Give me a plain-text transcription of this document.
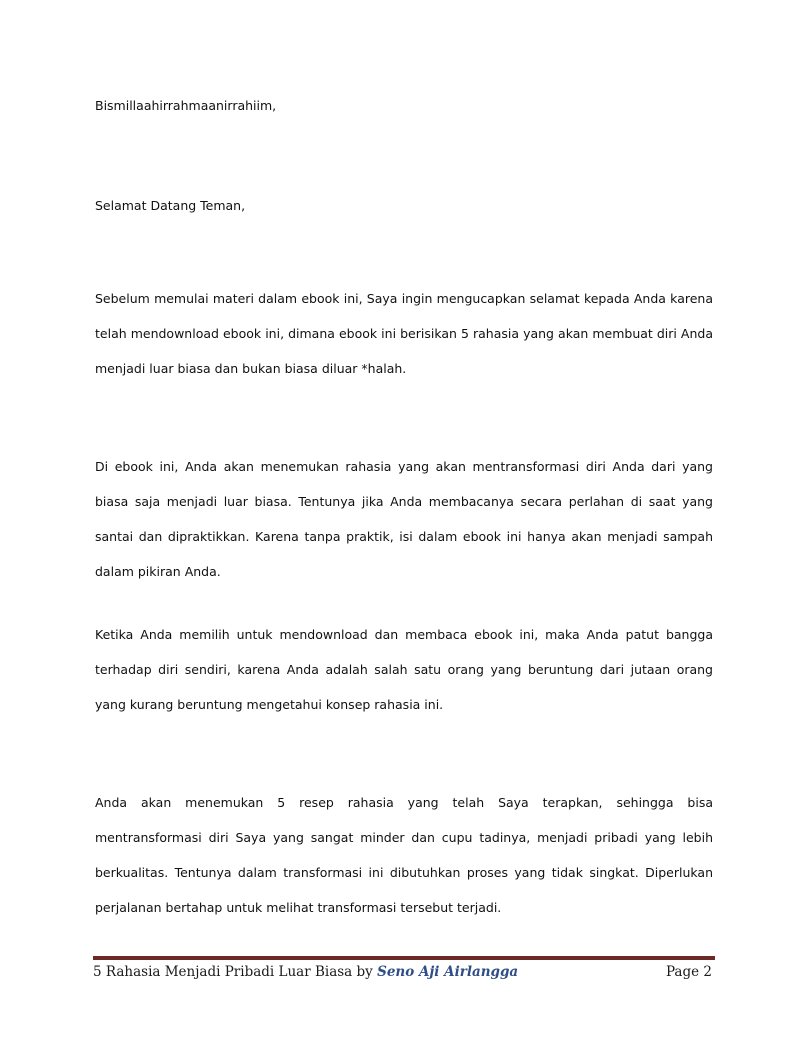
Bismillaahirrahmaanirrahiim,

Selamat Datang Teman,

Sebelum memulai materi dalam ebook ini, Saya ingin mengucapkan selamat kepada Anda karena telah mendownload ebook ini, dimana ebook ini berisikan 5 rahasia yang akan membuat diri Anda menjadi luar biasa dan bukan biasa diluar *halah.

Di ebook ini, Anda akan menemukan rahasia yang akan mentransformasi diri Anda dari yang biasa saja menjadi luar biasa. Tentunya jika Anda membacanya secara perlahan di saat yang santai dan dipraktikkan. Karena tanpa praktik, isi dalam ebook ini hanya akan menjadi sampah dalam pikiran Anda.

Ketika Anda memilih untuk mendownload dan membaca ebook ini, maka Anda patut bangga terhadap diri sendiri, karena Anda adalah salah satu orang yang beruntung dari jutaan orang yang kurang beruntung mengetahui konsep rahasia ini.

Anda akan menemukan 5 resep rahasia yang telah Saya terapkan, sehingga bisa mentransformasi diri Saya yang sangat minder dan cupu tadinya, menjadi pribadi yang lebih berkualitas. Tentunya dalam transformasi ini dibutuhkan proses yang tidak singkat. Diperlukan perjalanan bertahap untuk melihat transformasi tersebut terjadi.

5 Rahasia Menjadi Pribadi Luar Biasa by Seno Aji Airlangga	Page 2
